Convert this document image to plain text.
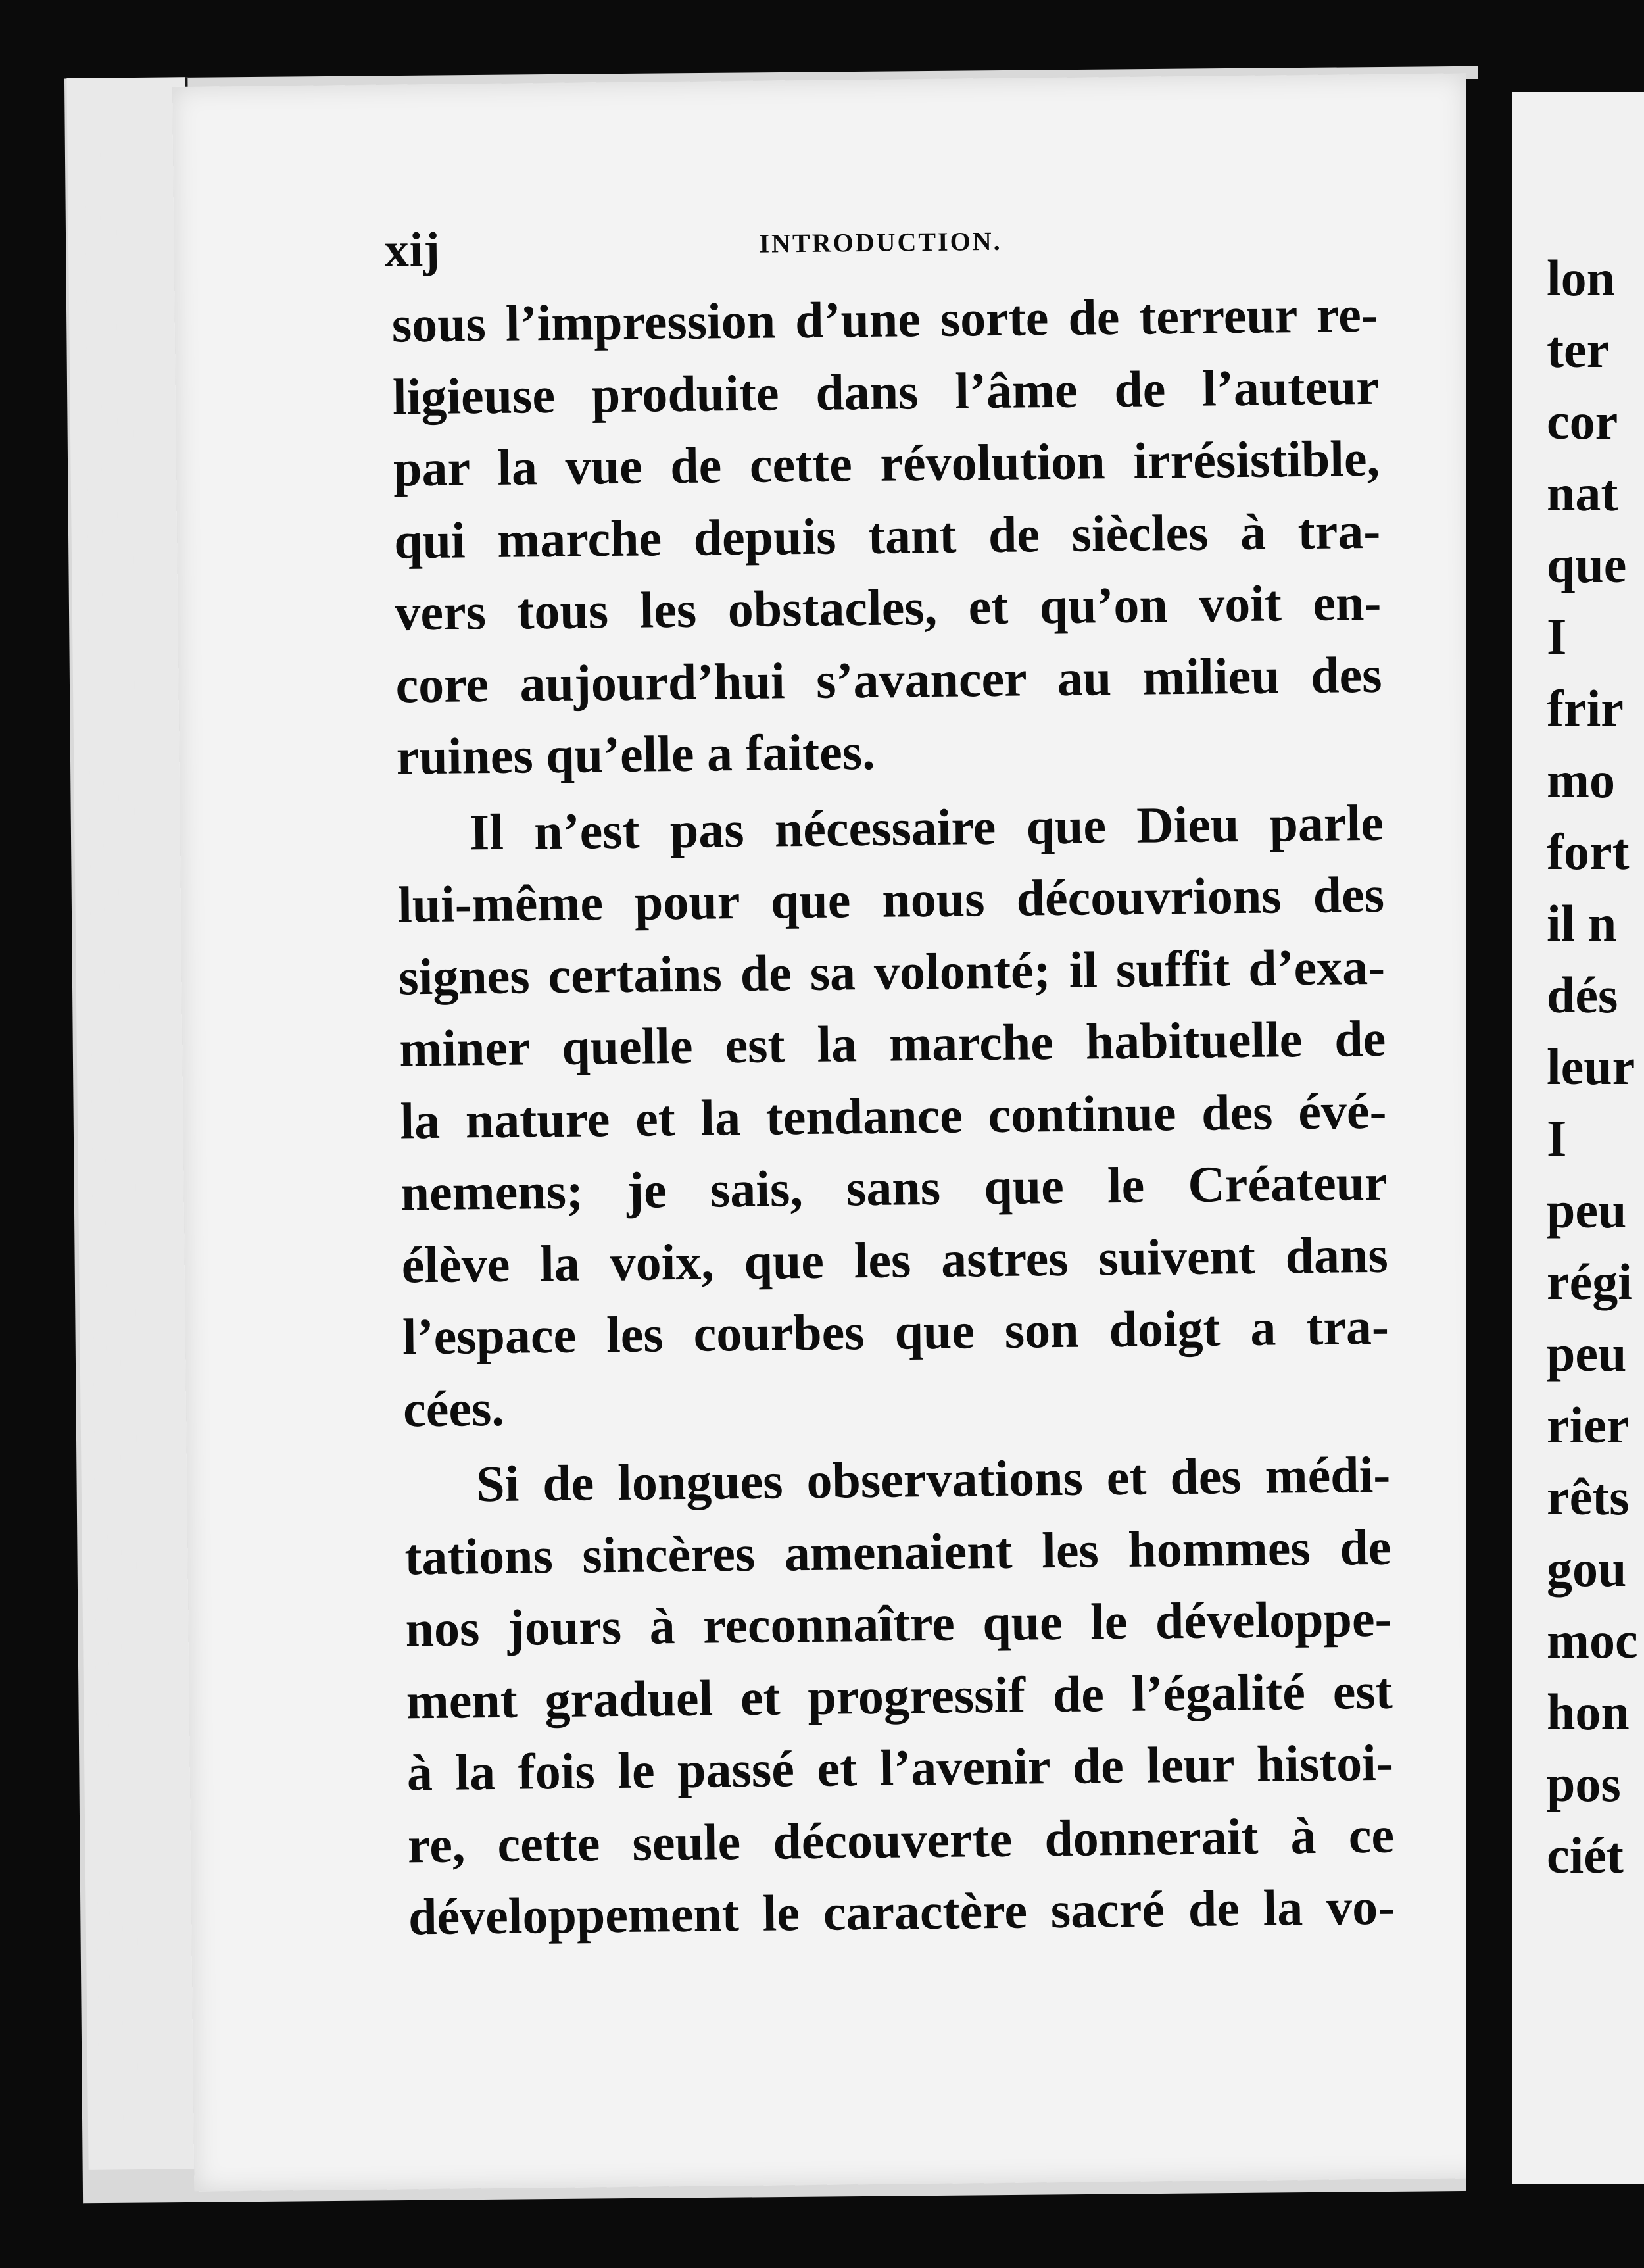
xij	INTRODUCTION.
sous l’impression d’une sorte de terreur re-
ligieuse produite dans l’âme de l’auteur
par la vue de cette révolution irrésistible,
qui marche depuis tant de siècles à tra-
vers tous les obstacles, et qu’on voit en-
core aujourd’hui s’avancer au milieu des
ruines qu’elle a faites.
Il n’est pas nécessaire que Dieu parle
lui-même pour que nous découvrions des
signes certains de sa volonté; il suffit d’exa-
miner quelle est la marche habituelle de
la nature et la tendance continue des évé-
nemens; je sais, sans que le Créateur
élève la voix, que les astres suivent dans
l’espace les courbes que son doigt a tra-
cées.
Si de longues observations et des médi-
tations sincères amenaient les hommes de
nos jours à reconnaître que le développe-
ment graduel et progressif de l’égalité est
à la fois le passé et l’avenir de leur histoi-
re, cette seule découverte donnerait à ce
développement le caractère sacré de la vo-
lon
ter
cor
nat
que
I
frir
mo
fort
il n
dés
leur
I
peu
régi
peu
rier
rêts
gou
moc
hon
pos
ciét
